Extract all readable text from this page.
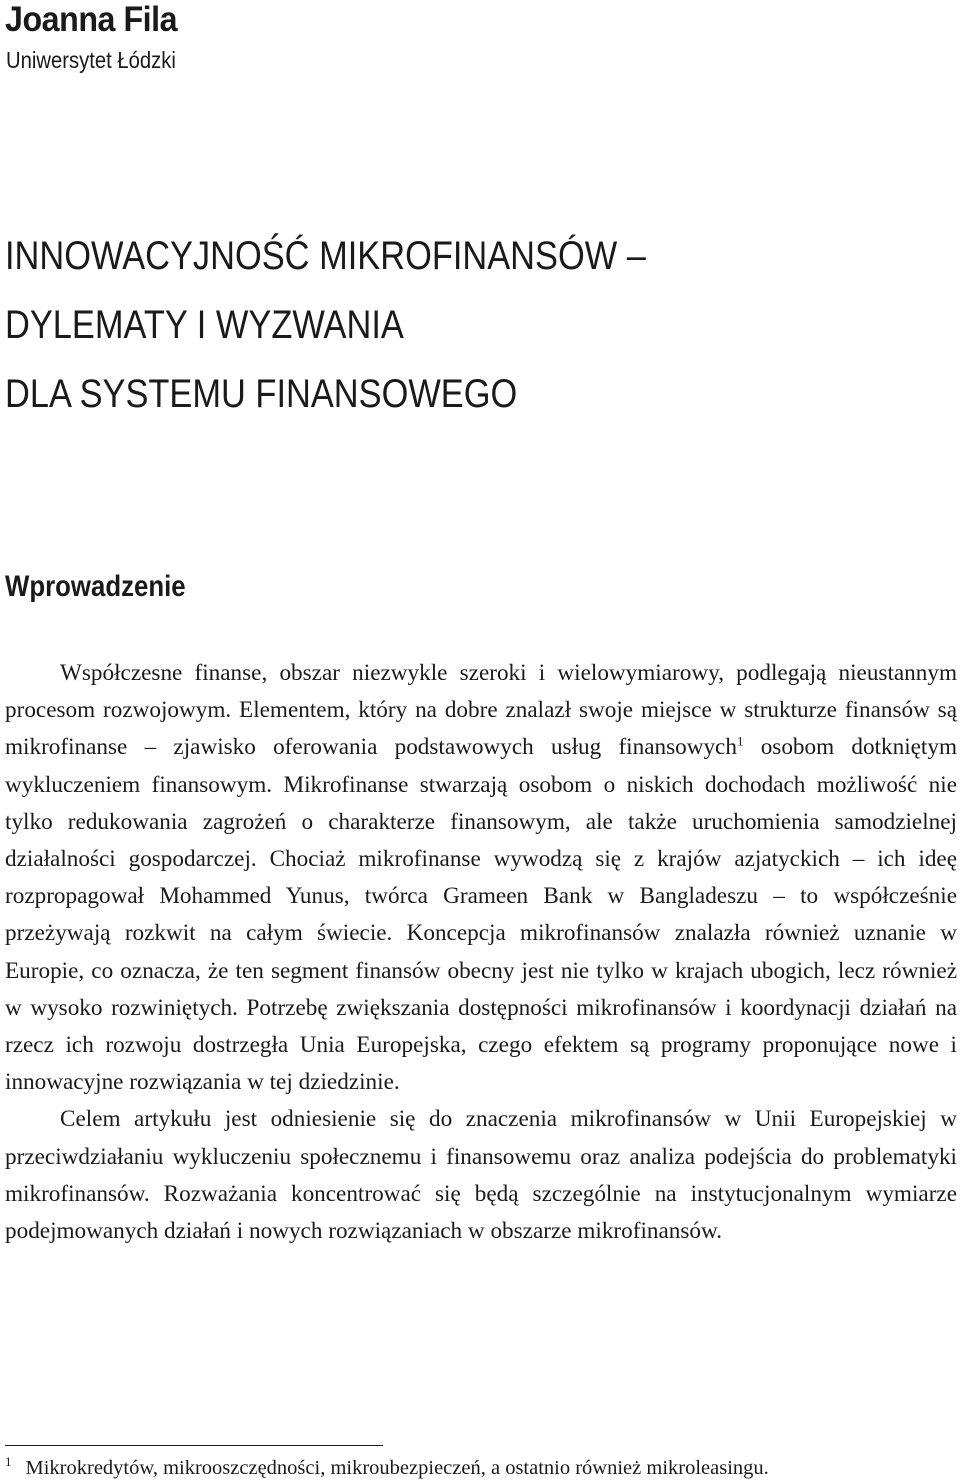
Joanna Fila
Uniwersytet Łódzki
INNOWACYJNOŚĆ MIKROFINANSÓW –
DYLEMATY I WYZWANIA
DLA SYSTEMU FINANSOWEGO
Wprowadzenie

Współczesne finanse, obszar niezwykle szeroki i wielowymiarowy, podlegają nieustannym procesom rozwojowym. Elementem, który na dobre znalazł swoje miejsce w strukturze finansów są mikrofinanse – zjawisko oferowania podstawowych usług finansowych$^1$ osobom dotkniętym wykluczeniem finansowym. Mikrofinanse stwarzają osobom o niskich dochodach możliwość nie tylko redukowania zagrożeń o charakterze finansowym, ale także uruchomienia samodzielnej działalności gospodarczej. Chociaż mikrofinanse wywodzą się z krajów azjatyckich – ich ideę rozpropagował Mohammed Yunus, twórca Grameen Bank w Bangladeszu – to współcześnie przeżywają rozkwit na całym świecie. Koncepcja mikrofinansów znalazła również uznanie w Europie, co oznacza, że ten segment finansów obecny jest nie tylko w krajach ubogich, lecz również w wysoko rozwiniętych. Potrzebę zwiększania dostępności mikrofinansów i koordynacji działań na rzecz ich rozwoju dostrzegła Unia Europejska, czego efektem są programy proponujące nowe i innowacyjne rozwiązania w tej dziedzinie.

Celem artykułu jest odniesienie się do znaczenia mikrofinansów w Unii Europejskiej w przeciwdziałaniu wykluczeniu społecznemu i finansowemu oraz analiza podejścia do problematyki mikrofinansów. Rozważania koncentrować się będą szczególnie na instytucjonalnym wymiarze podejmowanych działań i nowych rozwiązaniach w obszarze mikrofinansów.

$^1$ Mikrokredytów, mikrooszczędności, mikroubezpieczeń, a ostatnio również mikroleasingu.
